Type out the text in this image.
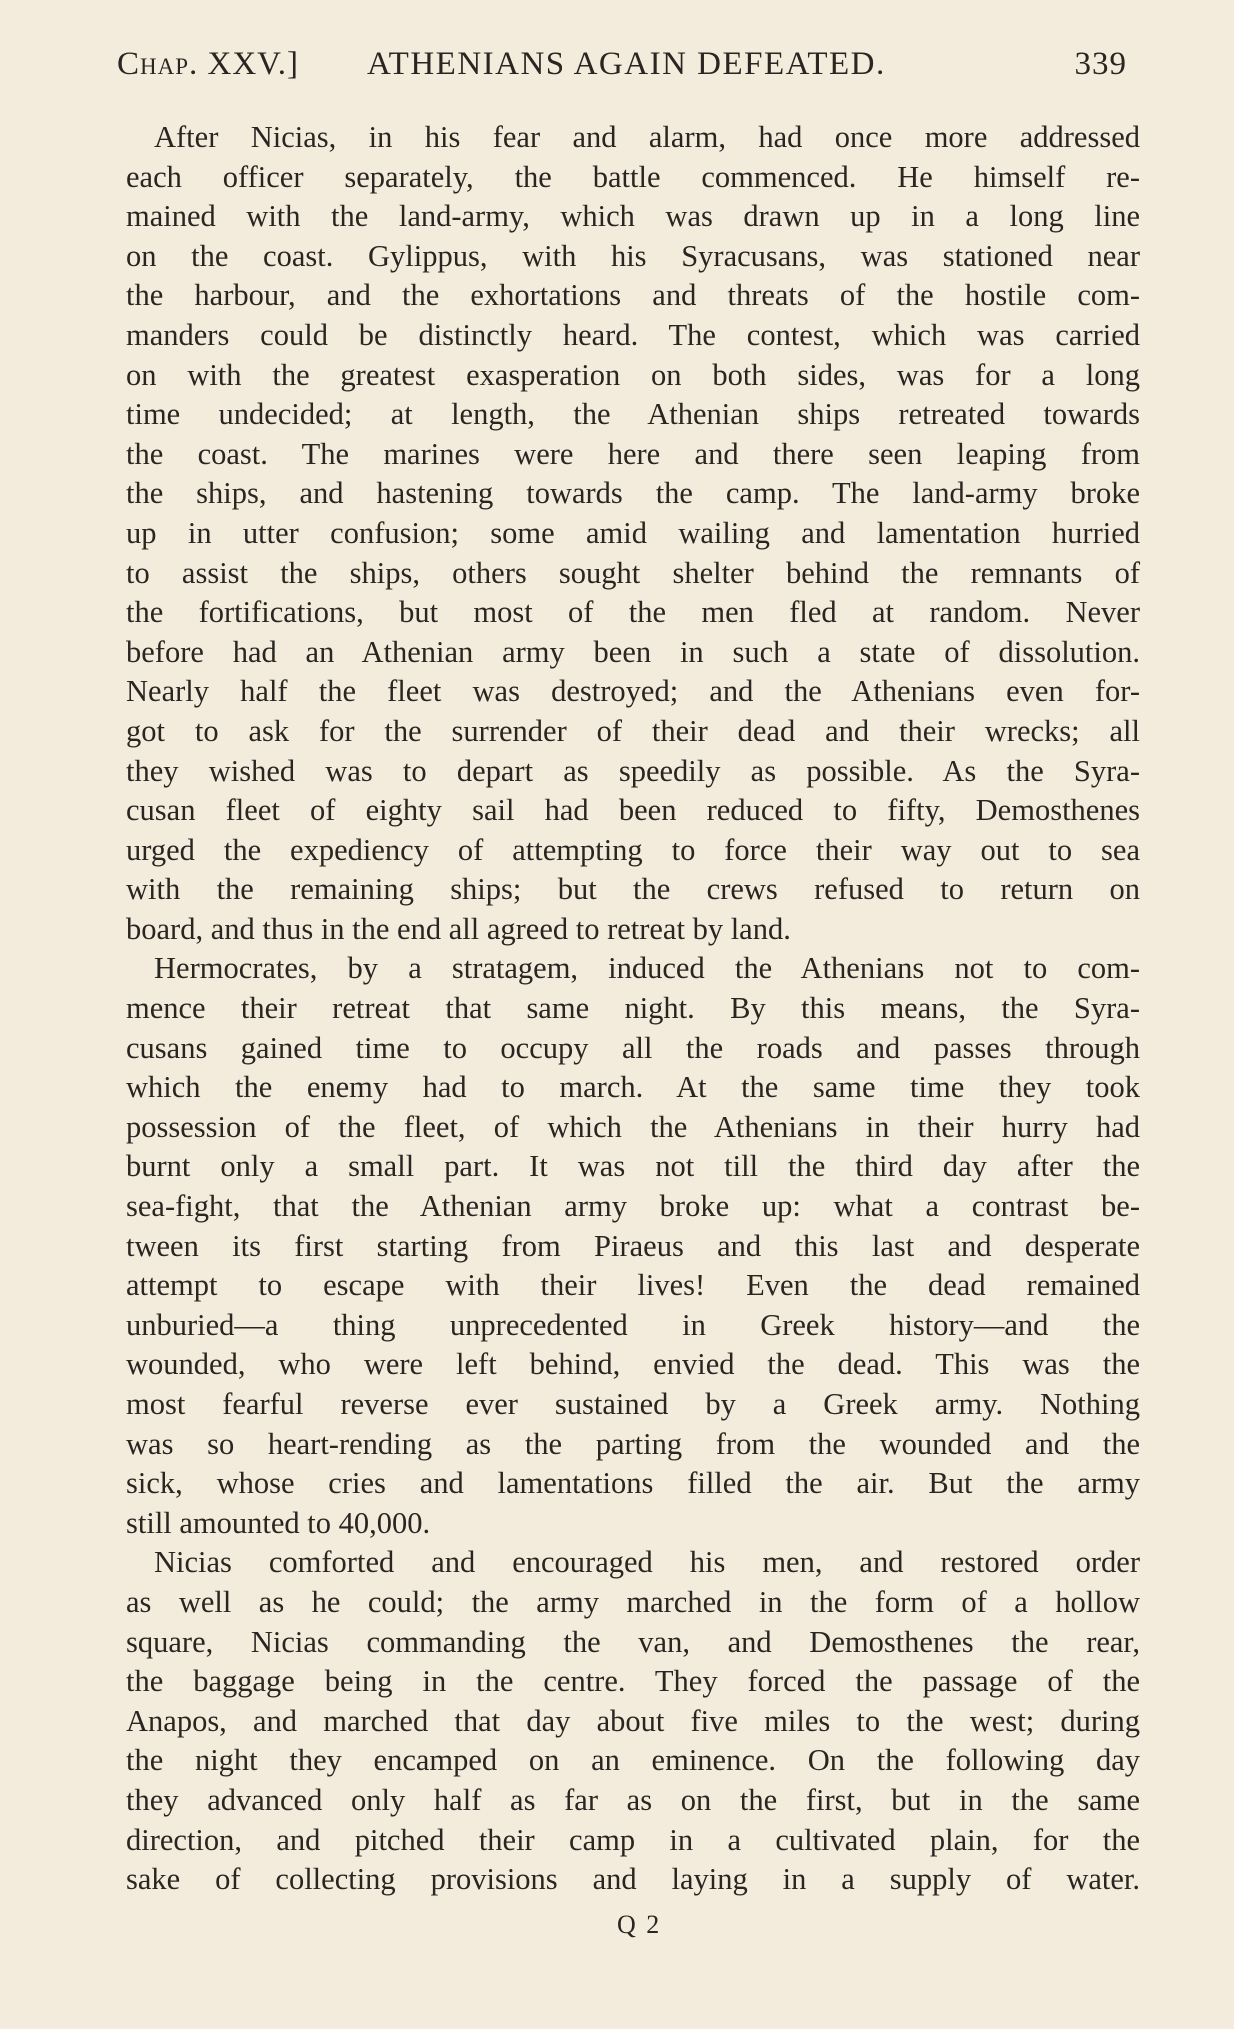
Chap. XXV.] ATHENIANS AGAIN DEFEATED.	339
After Nicias, in his fear and alarm, had once more addressed
each officer separately, the battle commenced. He himself re-
mained with the land-army, which was drawn up in a long line
on the coast. Gylippus, with his Syracusans, was stationed near
the harbour, and the exhortations and threats of the hostile com-
manders could be distinctly heard. The contest, which was carried
on with the greatest exasperation on both sides, was for a long
time undecided; at length, the Athenian ships retreated towards
the coast. The marines were here and there seen leaping from
the ships, and hastening towards the camp. The land-army broke
up in utter confusion; some amid wailing and lamentation hurried
to assist the ships, others sought shelter behind the remnants of
the fortifications, but most of the men fled at random. Never
before had an Athenian army been in such a state of dissolution.
Nearly half the fleet was destroyed; and the Athenians even for-
got to ask for the surrender of their dead and their wrecks; all
they wished was to depart as speedily as possible. As the Syra-
cusan fleet of eighty sail had been reduced to fifty, Demosthenes
urged the expediency of attempting to force their way out to sea
with the remaining ships; but the crews refused to return on
board, and thus in the end all agreed to retreat by land.
Hermocrates, by a stratagem, induced the Athenians not to com-
mence their retreat that same night. By this means, the Syra-
cusans gained time to occupy all the roads and passes through
which the enemy had to march. At the same time they took
possession of the fleet, of which the Athenians in their hurry had
burnt only a small part. It was not till the third day after the
sea-fight, that the Athenian army broke up: what a contrast be-
tween its first starting from Piraeus and this last and desperate
attempt to escape with their lives! Even the dead remained
unburied—a thing unprecedented in Greek history—and the
wounded, who were left behind, envied the dead. This was the
most fearful reverse ever sustained by a Greek army. Nothing
was so heart-rending as the parting from the wounded and the
sick, whose cries and lamentations filled the air. But the army
still amounted to 40,000.
Nicias comforted and encouraged his men, and restored order
as well as he could; the army marched in the form of a hollow
square, Nicias commanding the van, and Demosthenes the rear,
the baggage being in the centre. They forced the passage of the
Anapos, and marched that day about five miles to the west; during
the night they encamped on an eminence. On the following day
they advanced only half as far as on the first, but in the same
direction, and pitched their camp in a cultivated plain, for the
sake of collecting provisions and laying in a supply of water.
Q 2
